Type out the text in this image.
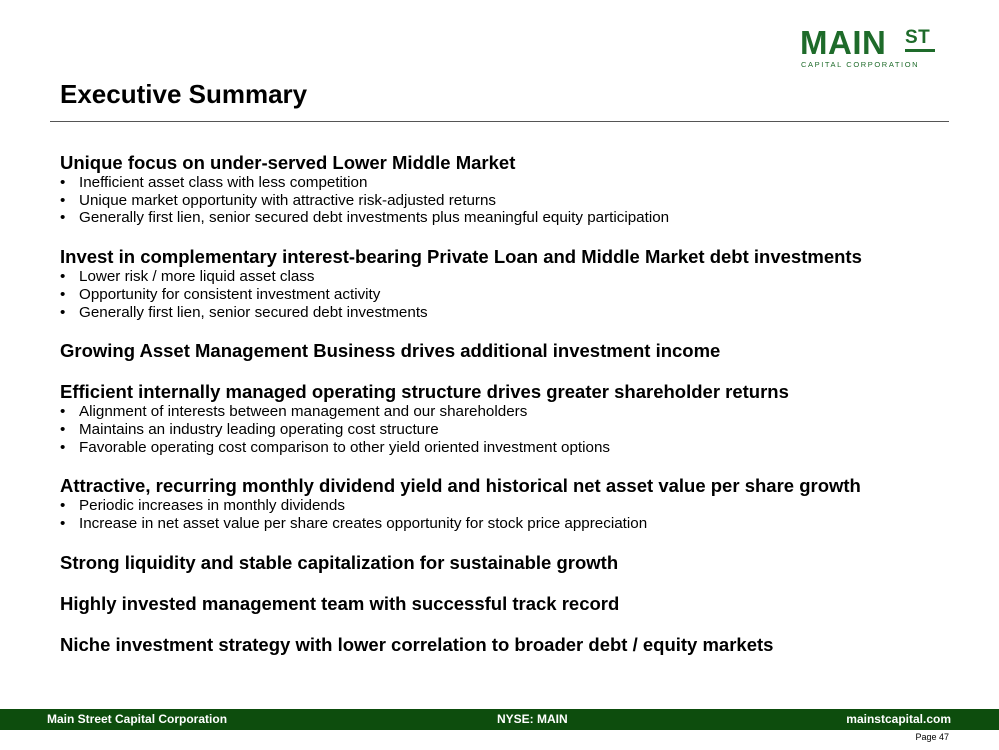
MAIN ST
CAPITAL CORPORATION
Executive Summary
Unique focus on under-served Lower Middle Market
• Inefficient asset class with less competition
• Unique market opportunity with attractive risk-adjusted returns
• Generally first lien, senior secured debt investments plus meaningful equity participation
Invest in complementary interest-bearing Private Loan and Middle Market debt investments
• Lower risk / more liquid asset class
• Opportunity for consistent investment activity
• Generally first lien, senior secured debt investments
Growing Asset Management Business drives additional investment income
Efficient internally managed operating structure drives greater shareholder returns
• Alignment of interests between management and our shareholders
• Maintains an industry leading operating cost structure
• Favorable operating cost comparison to other yield oriented investment options
Attractive, recurring monthly dividend yield and historical net asset value per share growth
• Periodic increases in monthly dividends
• Increase in net asset value per share creates opportunity for stock price appreciation
Strong liquidity and stable capitalization for sustainable growth
Highly invested management team with successful track record
Niche investment strategy with lower correlation to broader debt / equity markets
Main Street Capital Corporation	NYSE: MAIN	mainstcapital.com
Page 47
